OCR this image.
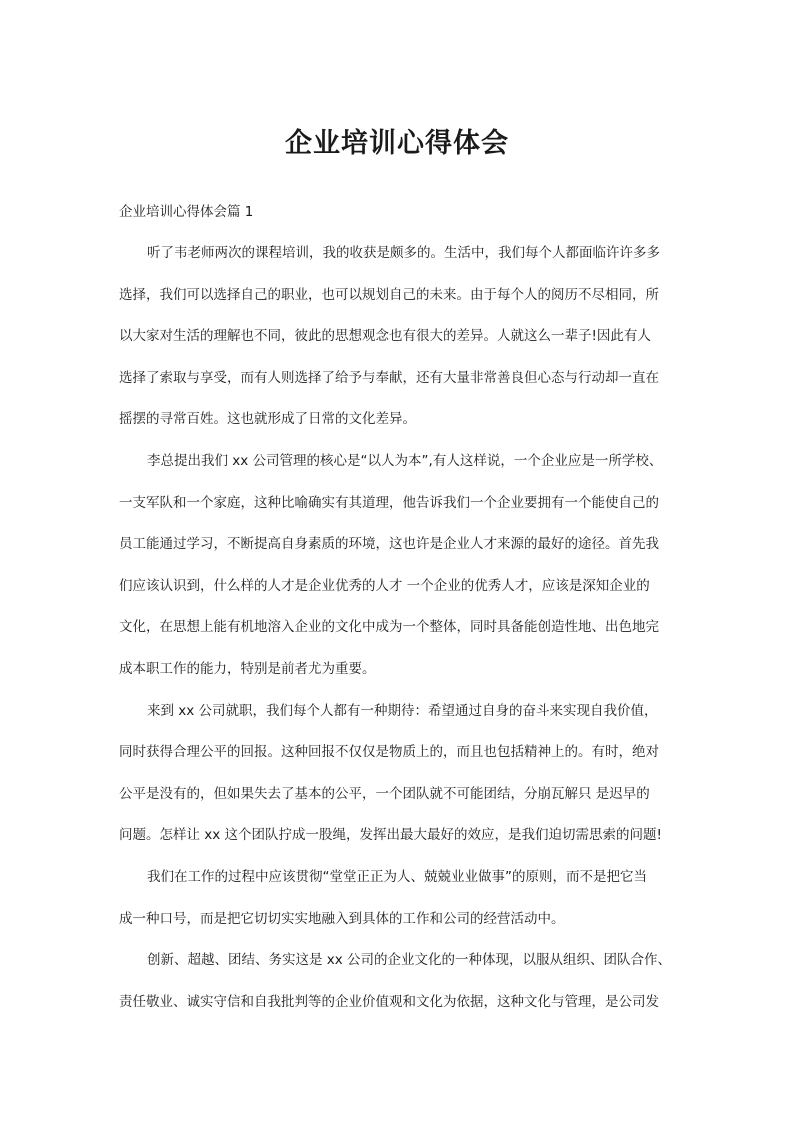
企业培训心得体会

企业培训心得体会篇 1

听了韦老师两次的课程培训，我的收获是颇多的。生活中，我们每个人都面临许许多多
选择，我们可以选择自己的职业，也可以规划自己的未来。由于每个人的阅历不尽相同，所
以大家对生活的理解也不同，彼此的思想观念也有很大的差异。人就这么一辈子!因此有人
选择了索取与享受，而有人则选择了给予与奉献，还有大量非常善良但心态与行动却一直在
摇摆的寻常百姓。这也就形成了日常的文化差异。
李总提出我们 xx 公司管理的核心是“以人为本”,有人这样说，一个企业应是一所学校、
一支军队和一个家庭，这种比喻确实有其道理，他告诉我们一个企业要拥有一个能使自己的
员工能通过学习，不断提高自身素质的环境，这也许是企业人才来源的最好的途径。首先我
们应该认识到，什么样的人才是企业优秀的人才 一个企业的优秀人才，应该是深知企业的
文化，在思想上能有机地溶入企业的文化中成为一个整体，同时具备能创造性地、出色地完
成本职工作的能力，特别是前者尤为重要。
来到 xx 公司就职，我们每个人都有一种期待：希望通过自身的奋斗来实现自我价值，
同时获得合理公平的回报。这种回报不仅仅是物质上的，而且也包括精神上的。有时，绝对
公平是没有的，但如果失去了基本的公平，一个团队就不可能团结，分崩瓦解只 是迟早的
问题。怎样让 xx 这个团队拧成一股绳，发挥出最大最好的效应，是我们迫切需思索的问题!
我们在工作的过程中应该贯彻“堂堂正正为人、兢兢业业做事”的原则，而不是把它当
成一种口号，而是把它切切实实地融入到具体的工作和公司的经营活动中。
创新、超越、团结、务实这是 xx 公司的企业文化的一种体现，以服从组织、团队合作、
责任敬业、诚实守信和自我批判等的企业价值观和文化为依据，这种文化与管理，是公司发
